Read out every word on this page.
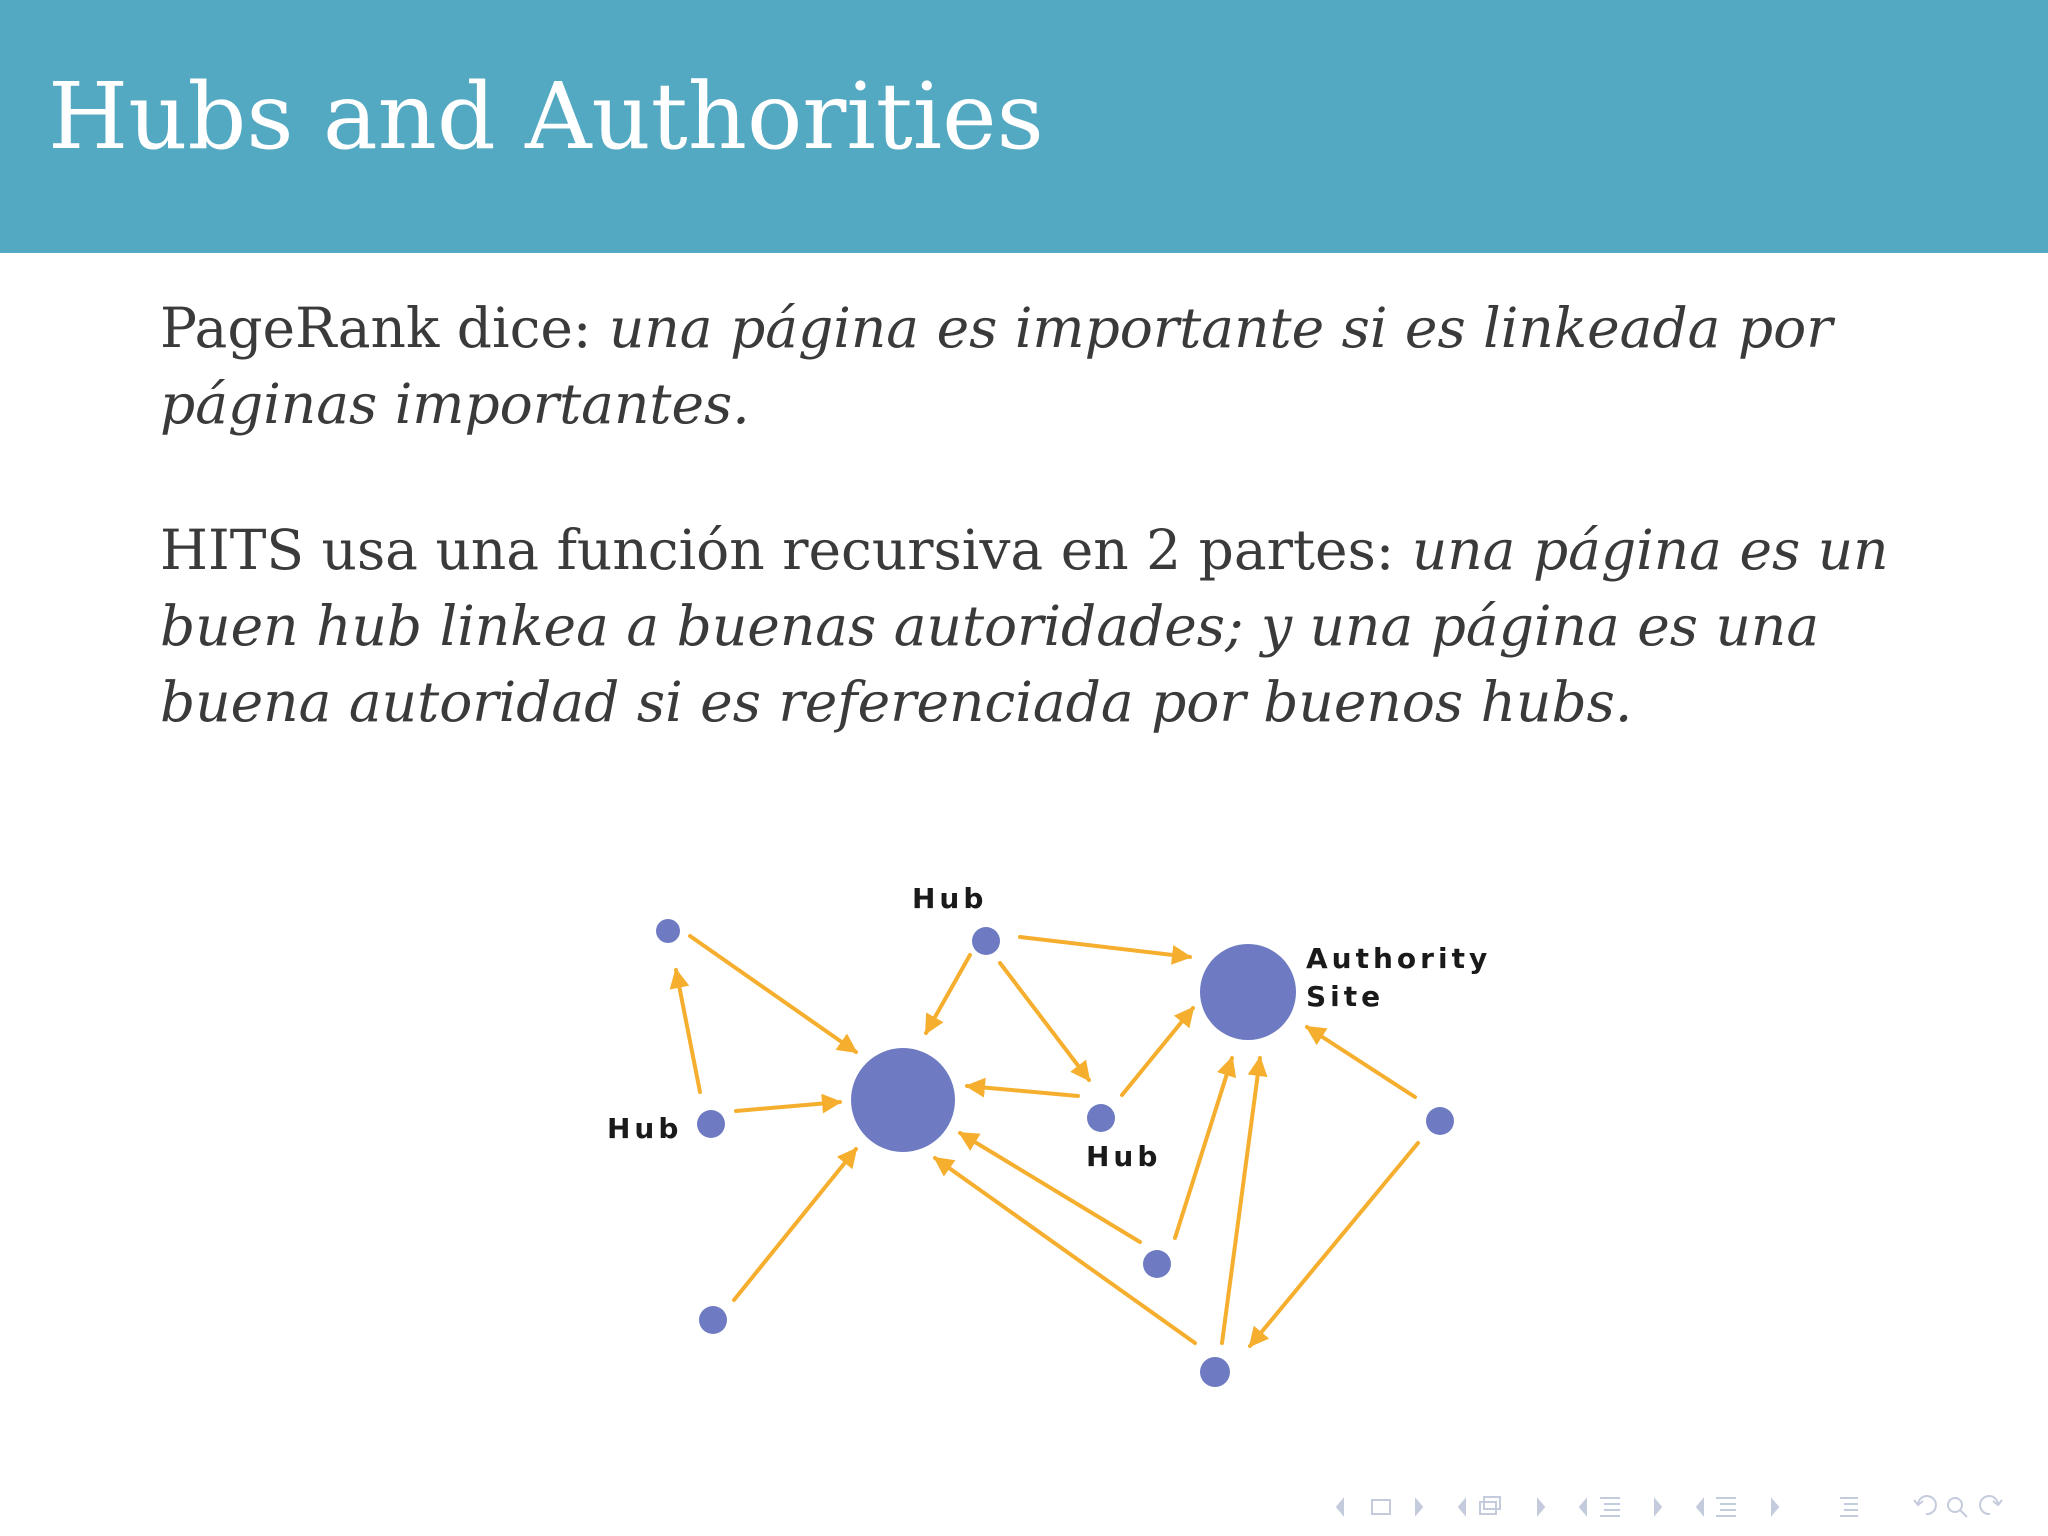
Hubs and Authorities

PageRank dice: una página es importante si es linkeada por páginas importantes.

HITS usa una función recursiva en 2 partes: una página es un buen hub linkea a buenas autoridades; y una página es una buena autoridad si es referenciada por buenos hubs.

Hub
Hub
Hub
Authority
Site
